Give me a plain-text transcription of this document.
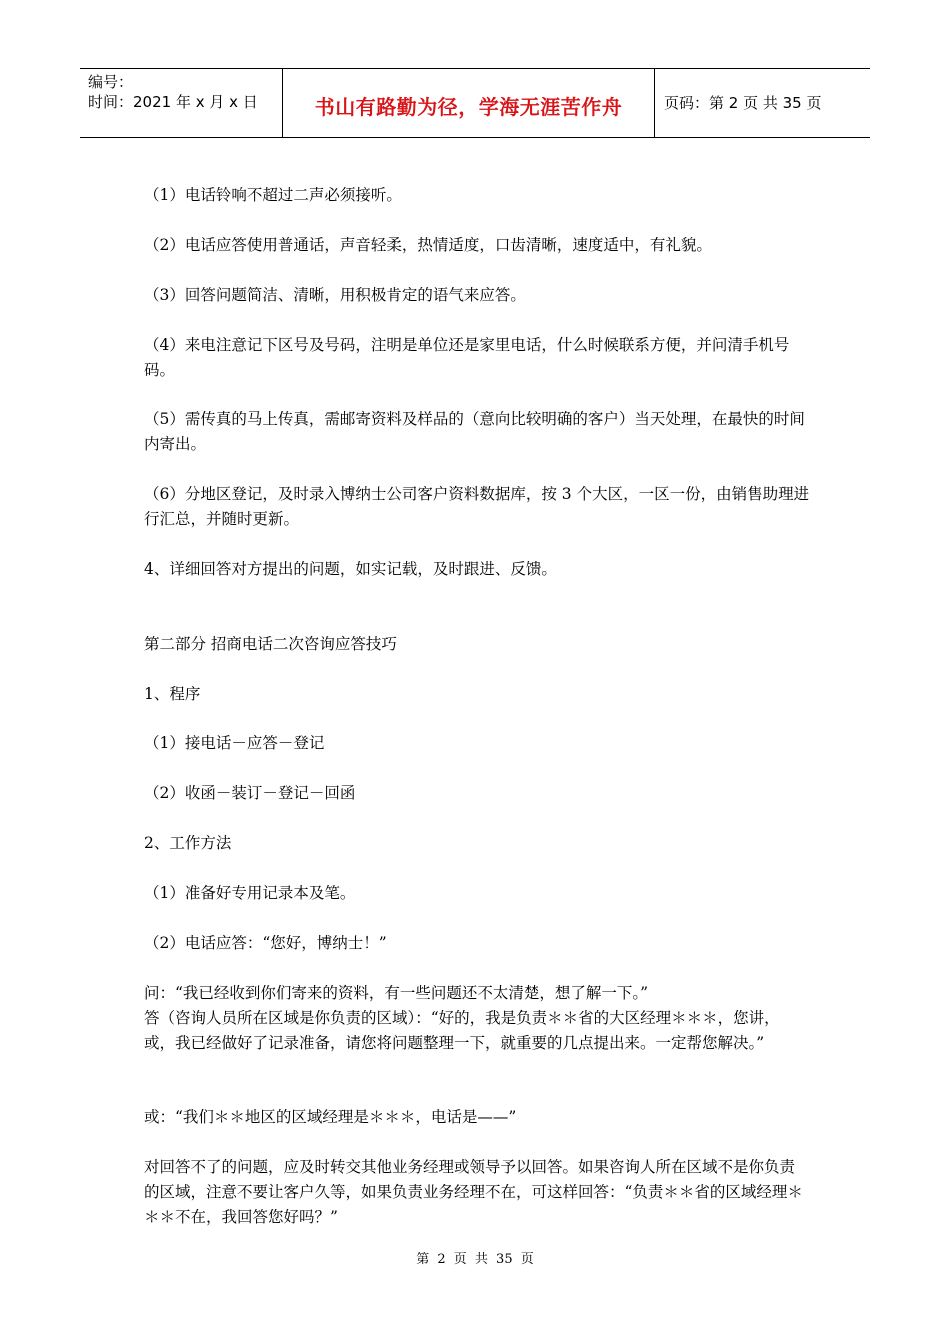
编号：
时间：2021 年 x 月 x 日	书山有路勤为径，学海无涯苦作舟	页码：第 2 页 共 35 页

（1）电话铃响不超过二声必须接听。

（2）电话应答使用普通话，声音轻柔，热情适度，口齿清晰，速度适中，有礼貌。

（3）回答问题简洁、清晰，用积极肯定的语气来应答。

（4）来电注意记下区号及号码，注明是单位还是家里电话，什么时候联系方便，并问清手机号码。

（5）需传真的马上传真，需邮寄资料及样品的（意向比较明确的客户）当天处理，在最快的时间内寄出。

（6）分地区登记，及时录入博纳士公司客户资料数据库，按 3 个大区，一区一份，由销售助理进行汇总，并随时更新。

4、详细回答对方提出的问题，如实记载，及时跟进、反馈。

第二部分 招商电话二次咨询应答技巧

1、程序

（1）接电话－应答－登记

（2）收函－装订－登记－回函

2、工作方法

（1）准备好专用记录本及笔。

（2）电话应答：“您好，博纳士！”

问：“我已经收到你们寄来的资料，有一些问题还不太清楚，想了解一下。”

答（咨询人员所在区域是你负责的区域）：“好的，我是负责＊＊省的大区经理＊＊＊，您讲，或，我已经做好了记录准备，请您将问题整理一下，就重要的几点提出来。一定帮您解决。”

或：“我们＊＊地区的区域经理是＊＊＊，电话是——”

对回答不了的问题，应及时转交其他业务经理或领导予以回答。如果咨询人所在区域不是你负责的区域，注意不要让客户久等，如果负责业务经理不在，可这样回答：“负责＊＊省的区域经理＊＊＊不在，我回答您好吗？”

第 2 页 共 35 页
